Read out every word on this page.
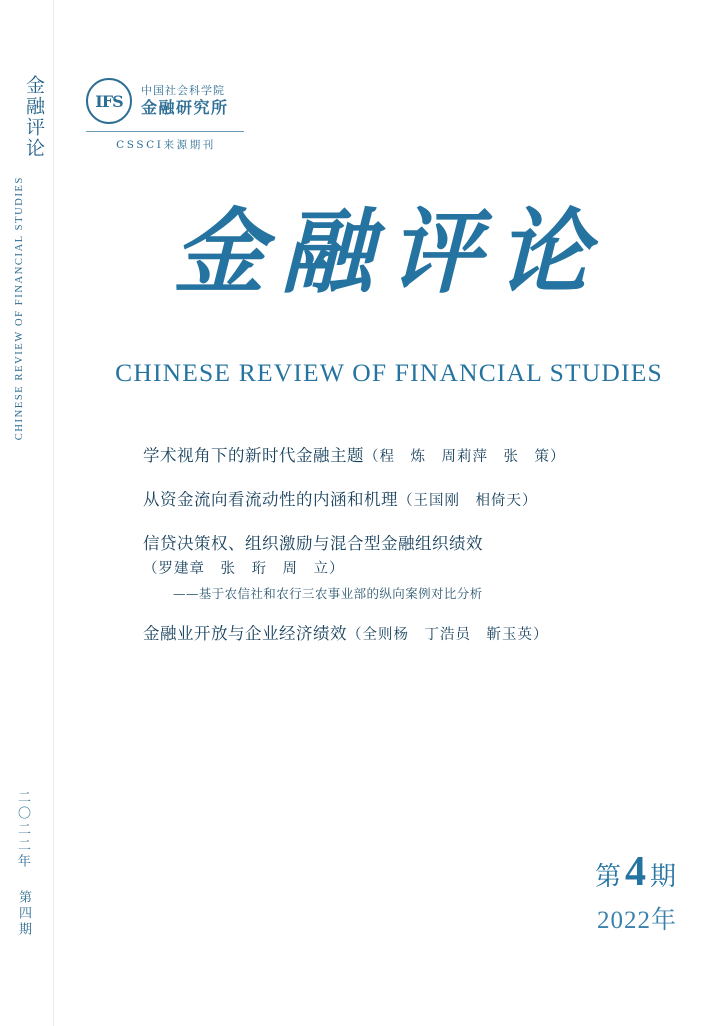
金融评论
CHINESE REVIEW OF FINANCIAL STUDIES
二〇二二年
第四期
IFS
中国社会科学院
金融研究所
CSSCI来源期刊
金融评论
CHINESE REVIEW OF FINANCIAL STUDIES
学术视角下的新时代金融主题（程　炼　周莉萍　张　策）
从资金流向看流动性的内涵和机理（王国刚　相倚天）
信贷决策权、组织激励与混合型金融组织绩效（罗建章　张　珩　周　立）
——基于农信社和农行三农事业部的纵向案例对比分析
金融业开放与企业经济绩效（全则杨　丁浩员　靳玉英）
第4 期
2022年
